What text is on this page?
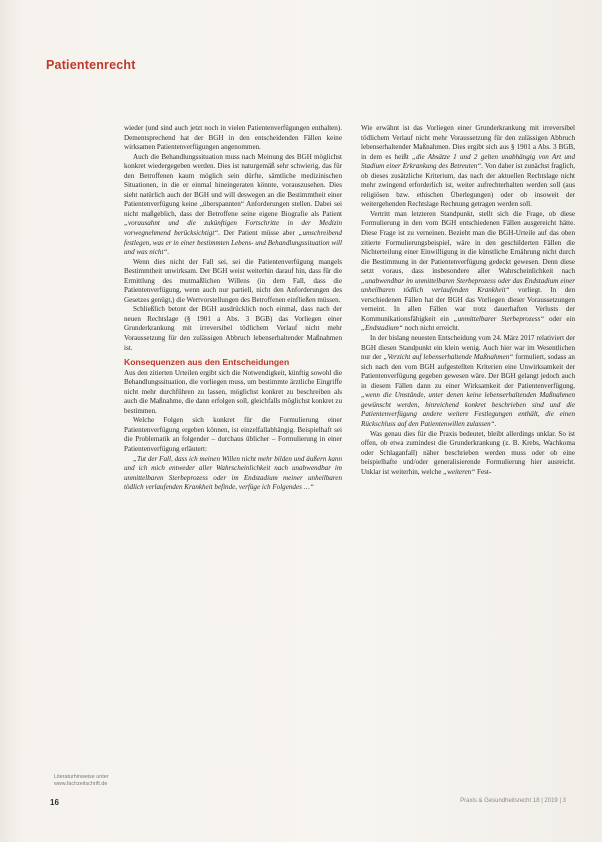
Patientenrecht

wieder (und sind auch jetzt noch in vielen Patientenverfügungen enthalten). Dementsprechend hat der BGH in den entscheidenden Fällen keine wirksamen Patientenverfügungen angenommen.

Auch die Behandlungssituation muss nach Meinung des BGH möglichst konkret wiedergegeben werden. Dies ist naturgemäß sehr schwierig, das für den Betroffenen kaum möglich sein dürfte, sämtliche medizinischen Situationen, in die er einmal hineingeraten könnte, vorauszusehen. Dies sieht natürlich auch der BGH und will deswegen an die Bestimmtheit einer Patientenverfügung keine „überspannten“ Anforderungen stellen. Dabei sei nicht maßgeblich, dass der Betroffene seine eigene Biografie als Patient „vorausahnt und die zukünftigen Fortschritte in der Medizin vorwegnehmend berücksichtigt“. Der Patient müsse aber „umschreibend festlegen, was er in einer bestimmten Lebens- und Behandlungssituation will und was nicht“.

Wenn dies nicht der Fall sei, sei die Patientenverfügung mangels Bestimmtheit unwirksam. Der BGH weist weiterhin darauf hin, dass für die Ermittlung des mutmaßlichen Willens (in dem Fall, dass die Patientenverfügung, wenn auch nur partiell, nicht den Anforderungen des Gesetzes genügt,) die Wertvorstellungen des Betroffenen einfließen müssen.

Schließlich betont der BGH ausdrücklich noch einmal, dass nach der neuen Rechtslage (§ 1901 a Abs. 3 BGB) das Vorliegen einer Grunderkrankung mit irreversibel tödlichem Verlauf nicht mehr Voraussetzung für den zulässigen Abbruch lebenserhaltender Maßnahmen ist.

Konsequenzen aus den Entscheidungen

Aus den zitierten Urteilen ergibt sich die Notwendigkeit, künftig sowohl die Behandlungssituation, die vorliegen muss, um bestimmte ärztliche Eingriffe nicht mehr durchführen zu lassen, möglichst konkret zu beschreiben als auch die Maßnahme, die dann erfolgen soll, gleichfalls möglichst konkret zu bestimmen.

Welche Folgen sich konkret für die Formulierung einer Patientenverfügung ergeben können, ist einzelfallabhängig. Beispielhaft sei die Problematik an folgender – durchaus üblicher – Formulierung in einer Patientenverfügung erläutert:

„Tut der Fall, dass ich meinen Willen nicht mehr bilden und äußern kann und ich mich entweder aller Wahrscheinlichkeit nach unabwendbar im unmittelbaren Sterbeprozess oder im Endstadium meiner unheilbaren tödlich verlaufenden Krankheit befinde, verfüge ich Folgendes …“

Wie erwähnt ist das Vorliegen einer Grunderkrankung mit irreversibel tödlichem Verlauf nicht mehr Voraussetzung für den zulässigen Abbruch lebenserhaltender Maßnahmen. Dies ergibt sich aus § 1901 a Abs. 3 BGB, in dem es heißt „die Absätze 1 und 2 gelten unabhängig von Art und Stadium einer Erkrankung des Betreuten“. Von daher ist zunächst fraglich, ob dieses zusätzliche Kriterium, das nach der aktuellen Rechtslage nicht mehr zwingend erforderlich ist, weiter aufrechterhalten werden soll (aus religiösen bzw. ethischen Überlegungen) oder ob insoweit der weitergehenden Rechtslage Rechnung getragen werden soll.

Vertritt man letzteren Standpunkt, stellt sich die Frage, ob diese Formulierung in den vom BGH entschiedenen Fällen ausgereicht hätte. Diese Frage ist zu verneinen. Bezieht man die BGH-Urteile auf das oben zitierte Formulierungsbeispiel, wäre in den geschilderten Fällen die Nichterteilung einer Einwilligung in die künstliche Ernährung nicht durch die Bestimmung in der Patientenverfügung gedeckt gewesen. Denn diese setzt voraus, dass insbesondere aller Wahrscheinlichkeit nach „unabwendbar im unmittelbaren Sterbeprozess oder das Endstadium einer unheilbaren tödlich verlaufenden Krankheit“ vorliegt. In den verschiedenen Fällen hat der BGH das Vorliegen dieser Voraussetzungen verneint. In allen Fällen war trotz dauerhaften Verlusts der Kommunikationsfähigkeit ein „unmittelbarer Sterbeprozess“ oder ein „Endstadium“ noch nicht erreicht.

In der bislang neuesten Entscheidung vom 24. März 2017 relativiert der BGH diesen Standpunkt ein klein wenig. Auch hier war im Wesentlichen nur der „Verzicht auf lebenserhaltende Maßnahmen“ formuliert, sodass an sich nach den vom BGH aufgestellten Kriterien eine Unwirksamkeit der Patientenverfügung gegeben gewesen wäre. Der BGH gelangt jedoch auch in diesem Fällen dann zu einer Wirksamkeit der Patientenverfügung, „wenn die Umstände, unter denen keine lebenserhaltenden Maßnahmen gewünscht werden, hinreichend konkret beschrieben sind und die Patientenverfügung andere weitere Festlegungen enthält, die einen Rückschluss auf den Patientenwillen zulassen“.

Was genau dies für die Praxis bedeutet, bleibt allerdings unklar. So ist offen, ob etwa zumindest die Grunderkrankung (z. B. Krebs, Wachkoma oder Schlaganfall) näher beschrieben werden muss oder ob eine beispielhafte und/oder generalisierende Formulierung hier ausreicht. Unklar ist weiterhin, welche „weiteren“ Fest-

Literaturhinweise unter www.fachzeitschrift.de
16	Praxis & Gesundheitsrecht 18 | 2019 | 3
